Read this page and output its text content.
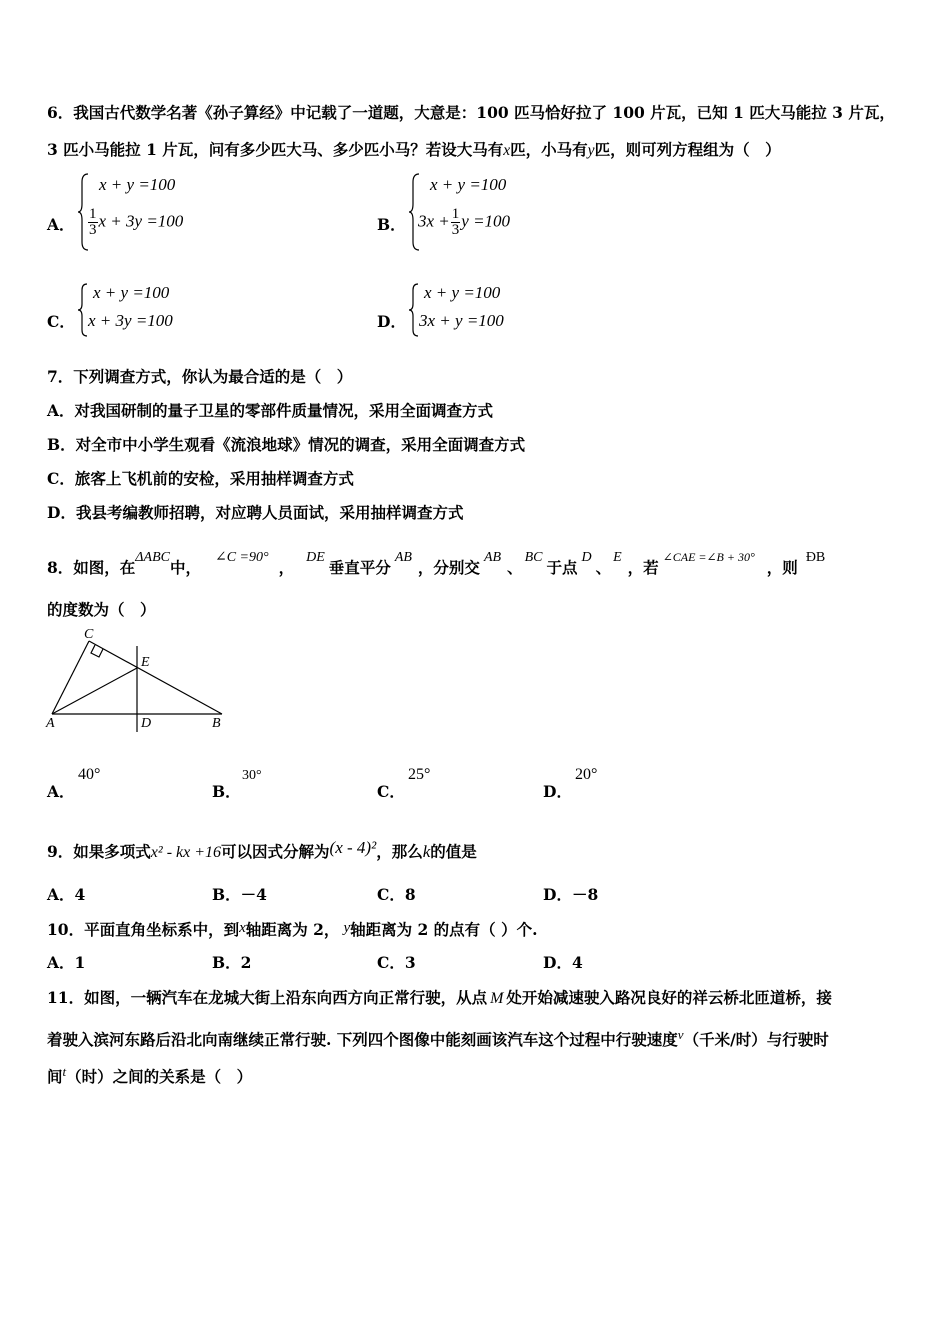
6．我国古代数学名著《孙子算经》中记载了一道题，大意是：100 匹马恰好拉了 100 片瓦，已知 1 匹大马能拉 3 片瓦，
3 匹小马能拉 1 片瓦，问有多少匹大马、多少匹小马？若设大马有x匹，小马有y匹，则可列方程组为（　）
A．
x + y =100
$\frac{1}{3}$ x + 3y =100	B．
x + y =100
$3x + \frac{1}{3}$ y =100
C．
x + y =100
x + 3y =100	D．
x + y =100
3x + y =100
7．下列调查方式，你认为最合适的是（　）
A．对我国研制的量子卫星的零部件质量情况，采用全面调查方式
B．对全市中小学生观看《流浪地球》情况的调查，采用全面调查方式
C．旅客上飞机前的安检，采用抽样调查方式
D．我县考编教师招聘，对应聘人员面试，采用抽样调查方式
8．如图，在ΔABC中，∠C =90°，DE垂直平分AB，分别交AB、BC于点D、E，若$^{\angle CAE =\angle B + 30^\circ}$，则ÐB
的度数为（　）
C
E
A	D	B
A．
40°
B．
30°
C．
25°
D．
20°
9．如果多项式x² - kx +16可以因式分解为(x - 4)²，那么k的值是
A．4	B．－4	C．8	D．－8
10．平面直角坐标系中，到x轴距离为 2， y轴距离为 2 的点有（ ）个.
A．1	B．2	C．3	D．4
11．如图，一辆汽车在龙城大街上沿东向西方向正常行驶，从点 M 处开始减速驶入路况良好的祥云桥北匝道桥，接
着驶入滨河东路后沿北向南继续正常行驶. 下列四个图像中能刻画该汽车这个过程中行驶速度$^v$（千米/时）与行驶时
间$^t$（时）之间的关系是（　）
